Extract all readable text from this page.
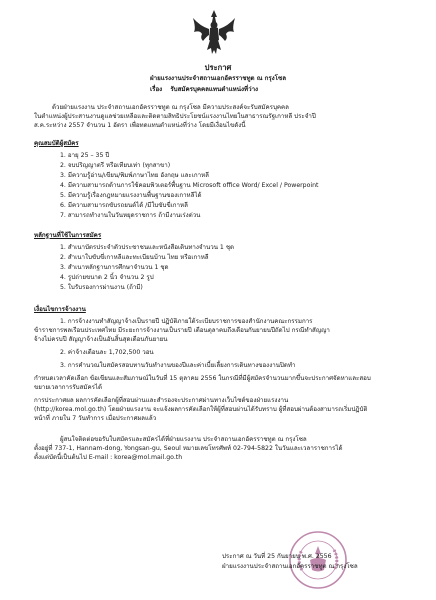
ประกาศ
ฝ่ายแรงงานประจำสถานเอกอัครราชทูต ณ กรุงโซล
เรื่อง รับสมัครบุคคลแทนตำแหน่งที่ว่าง
ด้วยฝ่ายแรงงาน ประจำสถานเอกอัครราชทูต ณ กรุงโซล มีความประสงค์จะรับสมัครบุคคล
ในตำแหน่งผู้ประสานงานดูแลช่วยเหลือและติดตามสิทธิประโยชน์แรงงานไทยในสาธารณรัฐเกาหลี ประจำปี
ส.ค.ระหว่าง 2557 จำนวน 1 อัตรา เพื่อทดแทนตำแหน่งที่ว่าง โดยมีเงื่อนไขดังนี้
คุณสมบัติผู้สมัคร
1. อายุ 25 – 35 ปี
2. จบปริญญาตรี หรือเทียบเท่า (ทุกสาขา)
3. มีความรู้อ่าน/เขียน/พิมพ์ภาษาไทย อังกฤษ และเกาหลี
4. มีความสามารถด้านการใช้คอมพิวเตอร์พื้นฐาน Microsoft office Word/ Excel / Powerpoint
5. มีความรู้เรื่องกฎหมายแรงงานพื้นฐานของเกาหลีได้
6. มีความสามารถขับรถยนต์ได้ /มีใบขับขี่เกาหลี
7. สามารถทำงานในวันหยุดราชการ ถ้ามีงานเร่งด่วน
หลักฐานที่ใช้ในการสมัคร
1. สำเนาบัตรประจำตัวประชาชนและหนังสือเดินทางจำนวน 1 ชุด
2. สำเนาใบขับขี่เกาหลีและทะเบียนบ้าน ไทย หรือเกาหลี
3. สำเนาหลักฐานการศึกษาจำนวน 1 ชุด
4. รูปถ่ายขนาด 2 นิ้ว จำนวน 2 รูป
5. ใบรับรองการผ่านงาน (ถ้ามี)
เงื่อนไขการจ้างงาน
1. การจ้างงานทำสัญญาจ้างเป็นรายปี ปฏิบัติภายใต้ระเบียบราชการของสำนักงานคณะกรรมการ
ข้าราชการพลเรือนประเทศไทย มีระยะการจ้างงานเป็นรายปี เดือนตุลาคมถึงเดือนกันยายนปีถัดไป กรณีทำสัญญา
จ้างไม่ครบปี สัญญาจ้างเป็นอันสิ้นสุดเดือนกันยายน
2. ค่าจ้างเดือนละ 1,702,500 วอน
3. การคำนวณใบสมัครสอบทานวันทำงานของปีและค่าเบี้ยเลี้ยงการเดินทางของงานปิดทำ
กำหนดเวลาคัดเลือก ข้อเขียนและสัมภาษณ์ในวันที่ 15 ตุลาคม 2556 ในกรณีที่มีผู้สมัครจำนวนมากขึ้นจะประกาศจัดหาและสอบ
ขยายเวลาการรับสมัครได้
การประกาศผล ผลการคัดเลือกผู้ที่สอบผ่านและสำรองจะประกาศผ่านทางเว็บไซต์ของฝ่ายแรงงาน
(http://korea.mol.go.th) โดยฝ่ายแรงงาน จะแจ้งผลการคัดเลือกให้ผู้ที่สอบผ่านได้รับทราบ ผู้ที่สอบผ่านต้องสามารถเริ่มปฏิบัติ
หน้าที่ ภายใน 7 วันทำการ เมื่อประกาศผลแล้ว
ผู้สนใจติดต่อขอรับใบสมัครและสมัครได้ที่ฝ่ายแรงงาน ประจำสถานเอกอัครราชทูต ณ กรุงโซล
ตั้งอยู่ที่ 737-1, Hannam-dong, Yongsan-gu, Seoul หมายเลขโทรศัพท์ 02-794-5822 ในวันและเวลาราชการได้
ตั้งแต่บัดนี้เป็นต้นไป E-mail : korea@mol.mail.go.th
ประกาศ ณ วันที่ 25 กันยายน พ.ศ. 2556
ฝ่ายแรงงานประจำสถานเอกอัครราชทูต ณ กรุงโซล
